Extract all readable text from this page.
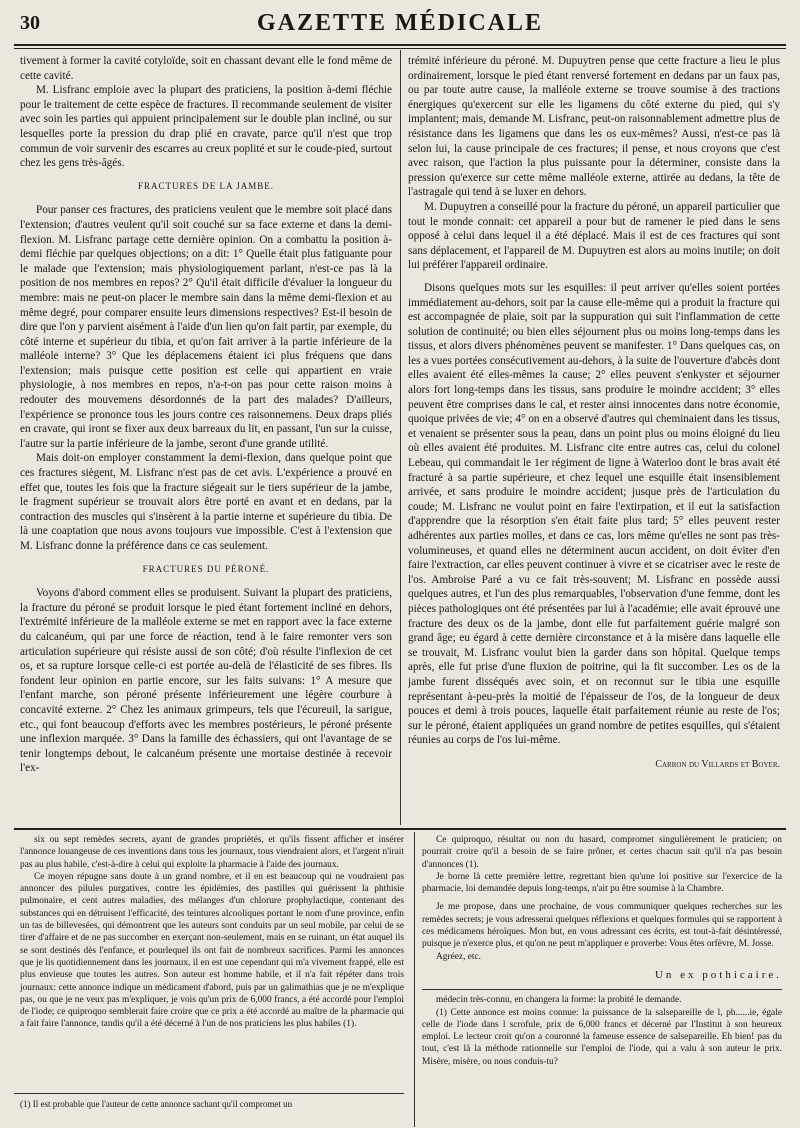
30	GAZETTE MÉDICALE

tivement à former la cavité cotyloïde, soit en chassant devant elle le fond même de cette cavité.

M. Lisfranc emploie avec la plupart des praticiens, la position à-demi fléchie pour le traitement de cette espèce de fractures. Il recommande seulement de visiter avec soin les parties qui appuient principalement sur le double plan incliné, ou sur lesquelles porte la pression du drap plié en cravate, parce qu'il n'est que trop commun de voir survenir des escarres au creux poplité et sur le coude-pied, surtout chez les gens très-âgés.

FRACTURES DE LA JAMBE.

Pour panser ces fractures, des praticiens veulent que le membre soit placé dans l'extension; d'autres veulent qu'il soit couché sur sa face externe et dans la demi-flexion. M. Lisfranc partage cette dernière opinion. On a combattu la position à-demi fléchie par quelques objections; on a dit: 1° Quelle était plus fatiguante pour le malade que l'extension; mais physiologiquement parlant, n'est-ce pas là la position de nos membres en repos? 2° Qu'il était difficile d'évaluer la longueur du membre: mais ne peut-on placer le membre sain dans la même demi-flexion et au même degré, pour comparer ensuite leurs dimensions respectives? Est-il besoin de dire que l'on y parvient aisément à l'aide d'un lien qu'on fait partir, par exemple, du côté interne et supérieur du tibia, et qu'on fait arriver à la partie inférieure de la malléole interne? 3° Que les déplacemens étaient ici plus fréquens que dans l'extension; mais puisque cette position est celle qui appartient en vraie physiologie, à nos membres en repos, n'a-t-on pas pour cette raison moins à redouter des mouvemens désordonnés de la part des malades? D'ailleurs, l'expérience se prononce tous les jours contre ces raisonnemens. Deux draps pliés en cravate, qui iront se fixer aux deux barreaux du lit, en passant, l'un sur la cuisse, l'autre sur la partie inférieure de la jambe, seront d'une grande utilité.

Mais doit-on employer constamment la demi-flexion, dans quelque point que ces fractures siègent, M. Lisfranc n'est pas de cet avis. L'expérience a prouvé en effet que, toutes les fois que la fracture siégeait sur le tiers supérieur de la jambe, le fragment supérieur se trouvait alors être porté en avant et en dedans, par la contraction des muscles qui s'insèrent à la partie interne et supérieure du tibia. De là une coaptation que nous avons toujours vue impossible. C'est à l'extension que M. Lisfranc donne la préférence dans ce cas seulement.

FRACTURES DU PÉRONÉ.

Voyons d'abord comment elles se produisent. Suivant la plupart des praticiens, la fracture du péroné se produit lorsque le pied étant fortement incliné en dehors, l'extrémité inférieure de la malléole externe se met en rapport avec la face externe du calcanéum, qui par une force de réaction, tend à le faire remonter vers son articulation supérieure qui résiste aussi de son côté; d'où résulte l'inflexion de cet os, et sa rupture lorsque celle-ci est portée au-delà de l'élasticité de ses fibres. Ils fondent leur opinion en partie encore, sur les faits suivans: 1° A mesure que l'enfant marche, son péroné présente inférieurement une légère courbure à concavité externe. 2° Chez les animaux grimpeurs, tels que l'écureuil, la sarigue, etc., qui font beaucoup d'efforts avec les membres postérieurs, le péroné présente une inflexion marquée. 3° Dans la famille des échassiers, qui ont l'avantage de se tenir longtemps debout, le calcanéum présente une mortaise destinée à recevoir l'ex-

trémité inférieure du péroné. M. Dupuytren pense que cette fracture a lieu le plus ordinairement, lorsque le pied étant renversé fortement en dedans par un faux pas, ou par toute autre cause, la malléole externe se trouve soumise à des tractions énergiques qu'exercent sur elle les ligamens du côté externe du pied, qui s'y implantent; mais, demande M. Lisfranc, peut-on raisonnablement admettre plus de résistance dans les ligamens que dans les os eux-mêmes? Aussi, n'est-ce pas là selon lui, la cause principale de ces fractures; il pense, et nous croyons que c'est avec raison, que l'action la plus puissante pour la déterminer, consiste dans la pression qu'exerce sur cette même malléole externe, attirée au dedans, la tête de l'astragale qui tend à se luxer en dehors.

M. Dupuytren a conseillé pour la fracture du péroné, un appareil particulier que tout le monde connait: cet appareil a pour but de ramener le pied dans le sens opposé à celui dans lequel il a été déplacé. Mais il est de ces fractures qui sont sans déplacement, et l'appareil de M. Dupuytren est alors au moins inutile; on doit lui préférer l'appareil ordinaire.

Disons quelques mots sur les esquilles: il peut arriver qu'elles soient portées immédiatement au-dehors, soit par la cause elle-même qui a produit la fracture qui est accompagnée de plaie, soit par la suppuration qui suit l'inflammation de cette solution de continuité; ou bien elles séjournent plus ou moins long-temps dans les tissus, et alors divers phénomènes peuvent se manifester. 1° Dans quelques cas, on les a vues portées consécutivement au-dehors, à la suite de l'ouverture d'abcès dont elles avaient été elles-mêmes la cause; 2° elles peuvent s'enkyster et séjourner alors fort long-temps dans les tissus, sans produire le moindre accident; 3° elles peuvent être comprises dans le cal, et rester ainsi innocentes dans notre économie, quoique privées de vie; 4° on en a observé d'autres qui cheminaient dans les tissus, et venaient se présenter sous la peau, dans un point plus ou moins éloigné du lieu où elles avaient été produites. M. Lisfranc cite entre autres cas, celui du colonel Lebeau, qui commandait le 1er régiment de ligne à Waterloo dont le bras avait été fracturé à sa partie supérieure, et chez lequel une esquille était insensiblement arrivée, et sans produire le moindre accident; jusque près de l'articulation du coude; M. Lisfranc ne voulut point en faire l'extirpation, et il eut la satisfaction d'apprendre que la résorption s'en était faite plus tard; 5° elles peuvent rester adhérentes aux parties molles, et dans ce cas, lors même qu'elles ne sont pas très-volumineuses, et quand elles ne déterminent aucun accident, on doit éviter d'en faire l'extraction, car elles peuvent continuer à vivre et se cicatriser avec le reste de l'os. Ambroise Paré a vu ce fait très-souvent; M. Lisfranc en possède aussi quelques autres, et l'un des plus remarquables, l'observation d'une femme, dont les pièces pathologiques ont été présentées par lui à l'académie; elle avait éprouvé une fracture des deux os de la jambe, dont elle fut parfaitement guérie malgré son grand âge; eu égard à cette dernière circonstance et à la misère dans laquelle elle se trouvait, M. Lisfranc voulut bien la garder dans son hôpital. Quelque temps après, elle fut prise d'une fluxion de poitrine, qui la fit succomber. Les os de la jambe furent disséqués avec soin, et on reconnut sur le tibia une esquille représentant à-peu-près la moitié de l'épaisseur de l'os, de la longueur de deux pouces et demi à trois pouces, laquelle était parfaitement réunie au reste de l'os; sur le péroné, étaient appliquées un grand nombre de petites esquilles, qui s'étaient réunies au corps de l'os lui-même.

Carron du Villards et Boyer.

six ou sept remèdes secrets, ayant de grandes propriétés, et qu'ils fissent afficher et insérer l'annonce louangeuse de ces inventions dans tous les journaux, tous viendraient alors, et l'argent n'irait pas au plus habile, c'est-à-dire à celui qui exploite la pharmacie à l'aide des journaux.

Ce moyen répugne sans doute à un grand nombre, et il en est beaucoup qui ne voudraient pas annoncer des pilules purgatives, contre les épidémies, des pastilles qui guérissent la phthisie pulmonaire, et cent autres maladies, des mélanges d'un chlorure prophylactique, contenant des substances qui en détruisent l'efficacité, des teintures alcooliques portant le nom d'une province, enfin un tas de billevesées, qui démontrent que les auteurs sont conduits par un seul mobile, par celui de se tirer d'affaire et de ne pas succomber en exerçant non-seulement, mais en se ruinant, un état auquel ils se sont destinés dès l'enfance, et pourlequel ils ont fait de nombreux sacrifices. Parmi les annonces que je lis quotidiennement dans les journaux, il en est une cependant qui m'a vivement frappé, elle est plus envieuse que toutes les autres. Son auteur est homme habile, et il n'a fait répéter dans trois journaux: cette annonce indique un médicament d'abord, puis par un galimathias que je ne m'explique pas, ou que je ne veux pas m'expliquer, je vois qu'un prix de 6,000 francs, a été accordé pour l'emploi de l'iode; ce quiproquo semblerait faire croire que ce prix a été accordé au maître de la pharmacie qui a fait faire l'annonce, tandis qu'il a été décerné à l'un de nos praticiens les plus habiles (1).

(1) Il est probable que l'auteur de cette annonce sachant qu'il compromet un

Ce quiproquo, résultat ou non du hasard, compromet singulièrement le praticien; on pourrait croire qu'il a besoin de se faire prôner, et certes chacun sait qu'il n'a pas besoin d'annonces (1).

Je borne là cette première lettre, regrettant bien qu'une loi positive sur l'exercice de la pharmacie, loi demandée depuis long-temps, n'ait pu être soumise à la Chambre.

Je me propose, dans une prochaine, de vous communiquer quelques recherches sur les remèdes secrets; je vous adresserai quelques réflexions et quelques formules qui se rapportent à ces médicamens héroïques. Mon but, en vous adressant ces écrits, est tout-à-fait désintéressé, puisque je n'exerce plus, et qu'on ne peut m'appliquer e proverbe: Vous êtes orfèvre, M. Josse.

Agréez, etc.

Un ex pothicaire.

médecin très-connu, en changera la forme: la probité le demande.

(1) Cette annonce est moins connue: la puissance de la salsepareille de l, ph......ie, égale celle de l'iode dans l scrofule, prix de 6,000 francs et décerné par l'Institut à son heureux emploi. Le lecteur croit qu'on a couronné la fameuse essence de salsepareille. Eh bien! pas du tout, c'est là la méthode rationnelle sur l'emploi de l'iode, qui a valu à son auteur le prix. Misère, misère, ou nous conduis-tu?
